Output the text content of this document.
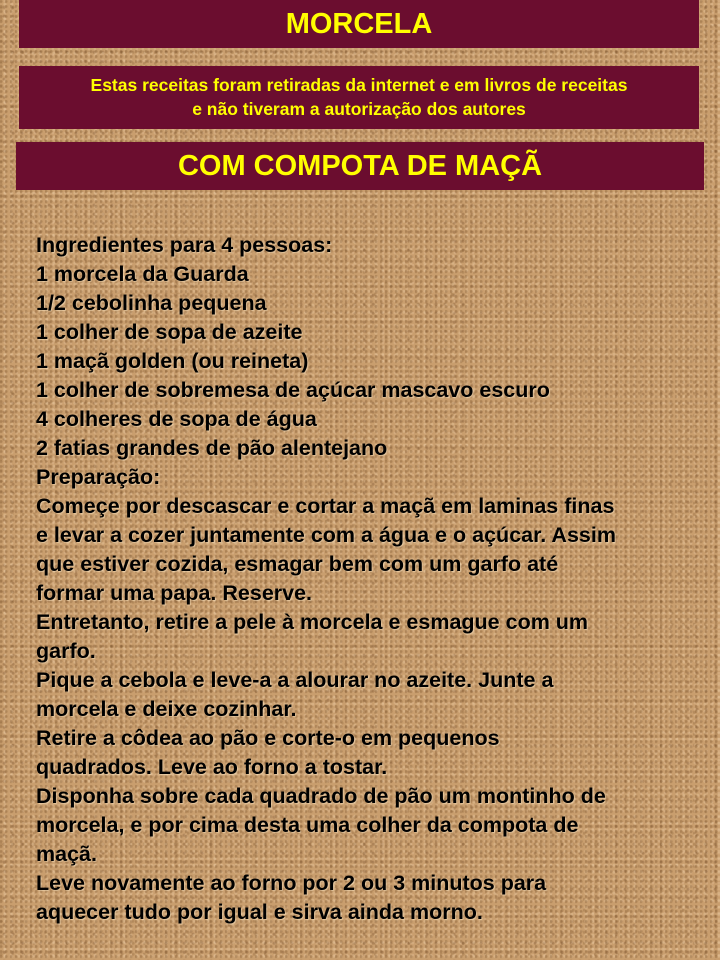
MORCELA
Estas receitas foram retiradas da internet e em livros de receitas
e não tiveram a autorização dos autores
COM COMPOTA DE MAÇÃ
Ingredientes para 4 pessoas:
1 morcela da Guarda
1/2 cebolinha pequena
1 colher de sopa de azeite
1 maçã golden (ou reineta)
1 colher de sobremesa de açúcar mascavo escuro
4 colheres de sopa de água
2 fatias grandes de pão alentejano
Preparação:
Começe por descascar e cortar a maçã em laminas finas
e levar a cozer juntamente com a água e o açúcar. Assim
que estiver cozida, esmagar bem com um garfo até
formar uma papa. Reserve.
Entretanto, retire a pele à morcela e esmague com um
garfo.
Pique a cebola e leve-a a alourar no azeite. Junte a
morcela e deixe cozinhar.
Retire a côdea ao pão e corte-o em pequenos
quadrados. Leve ao forno a tostar.
Disponha sobre cada quadrado de pão um montinho de
morcela, e por cima desta uma colher da compota de
maçã.
Leve novamente ao forno por 2 ou 3 minutos para
aquecer tudo por igual e sirva ainda morno.
